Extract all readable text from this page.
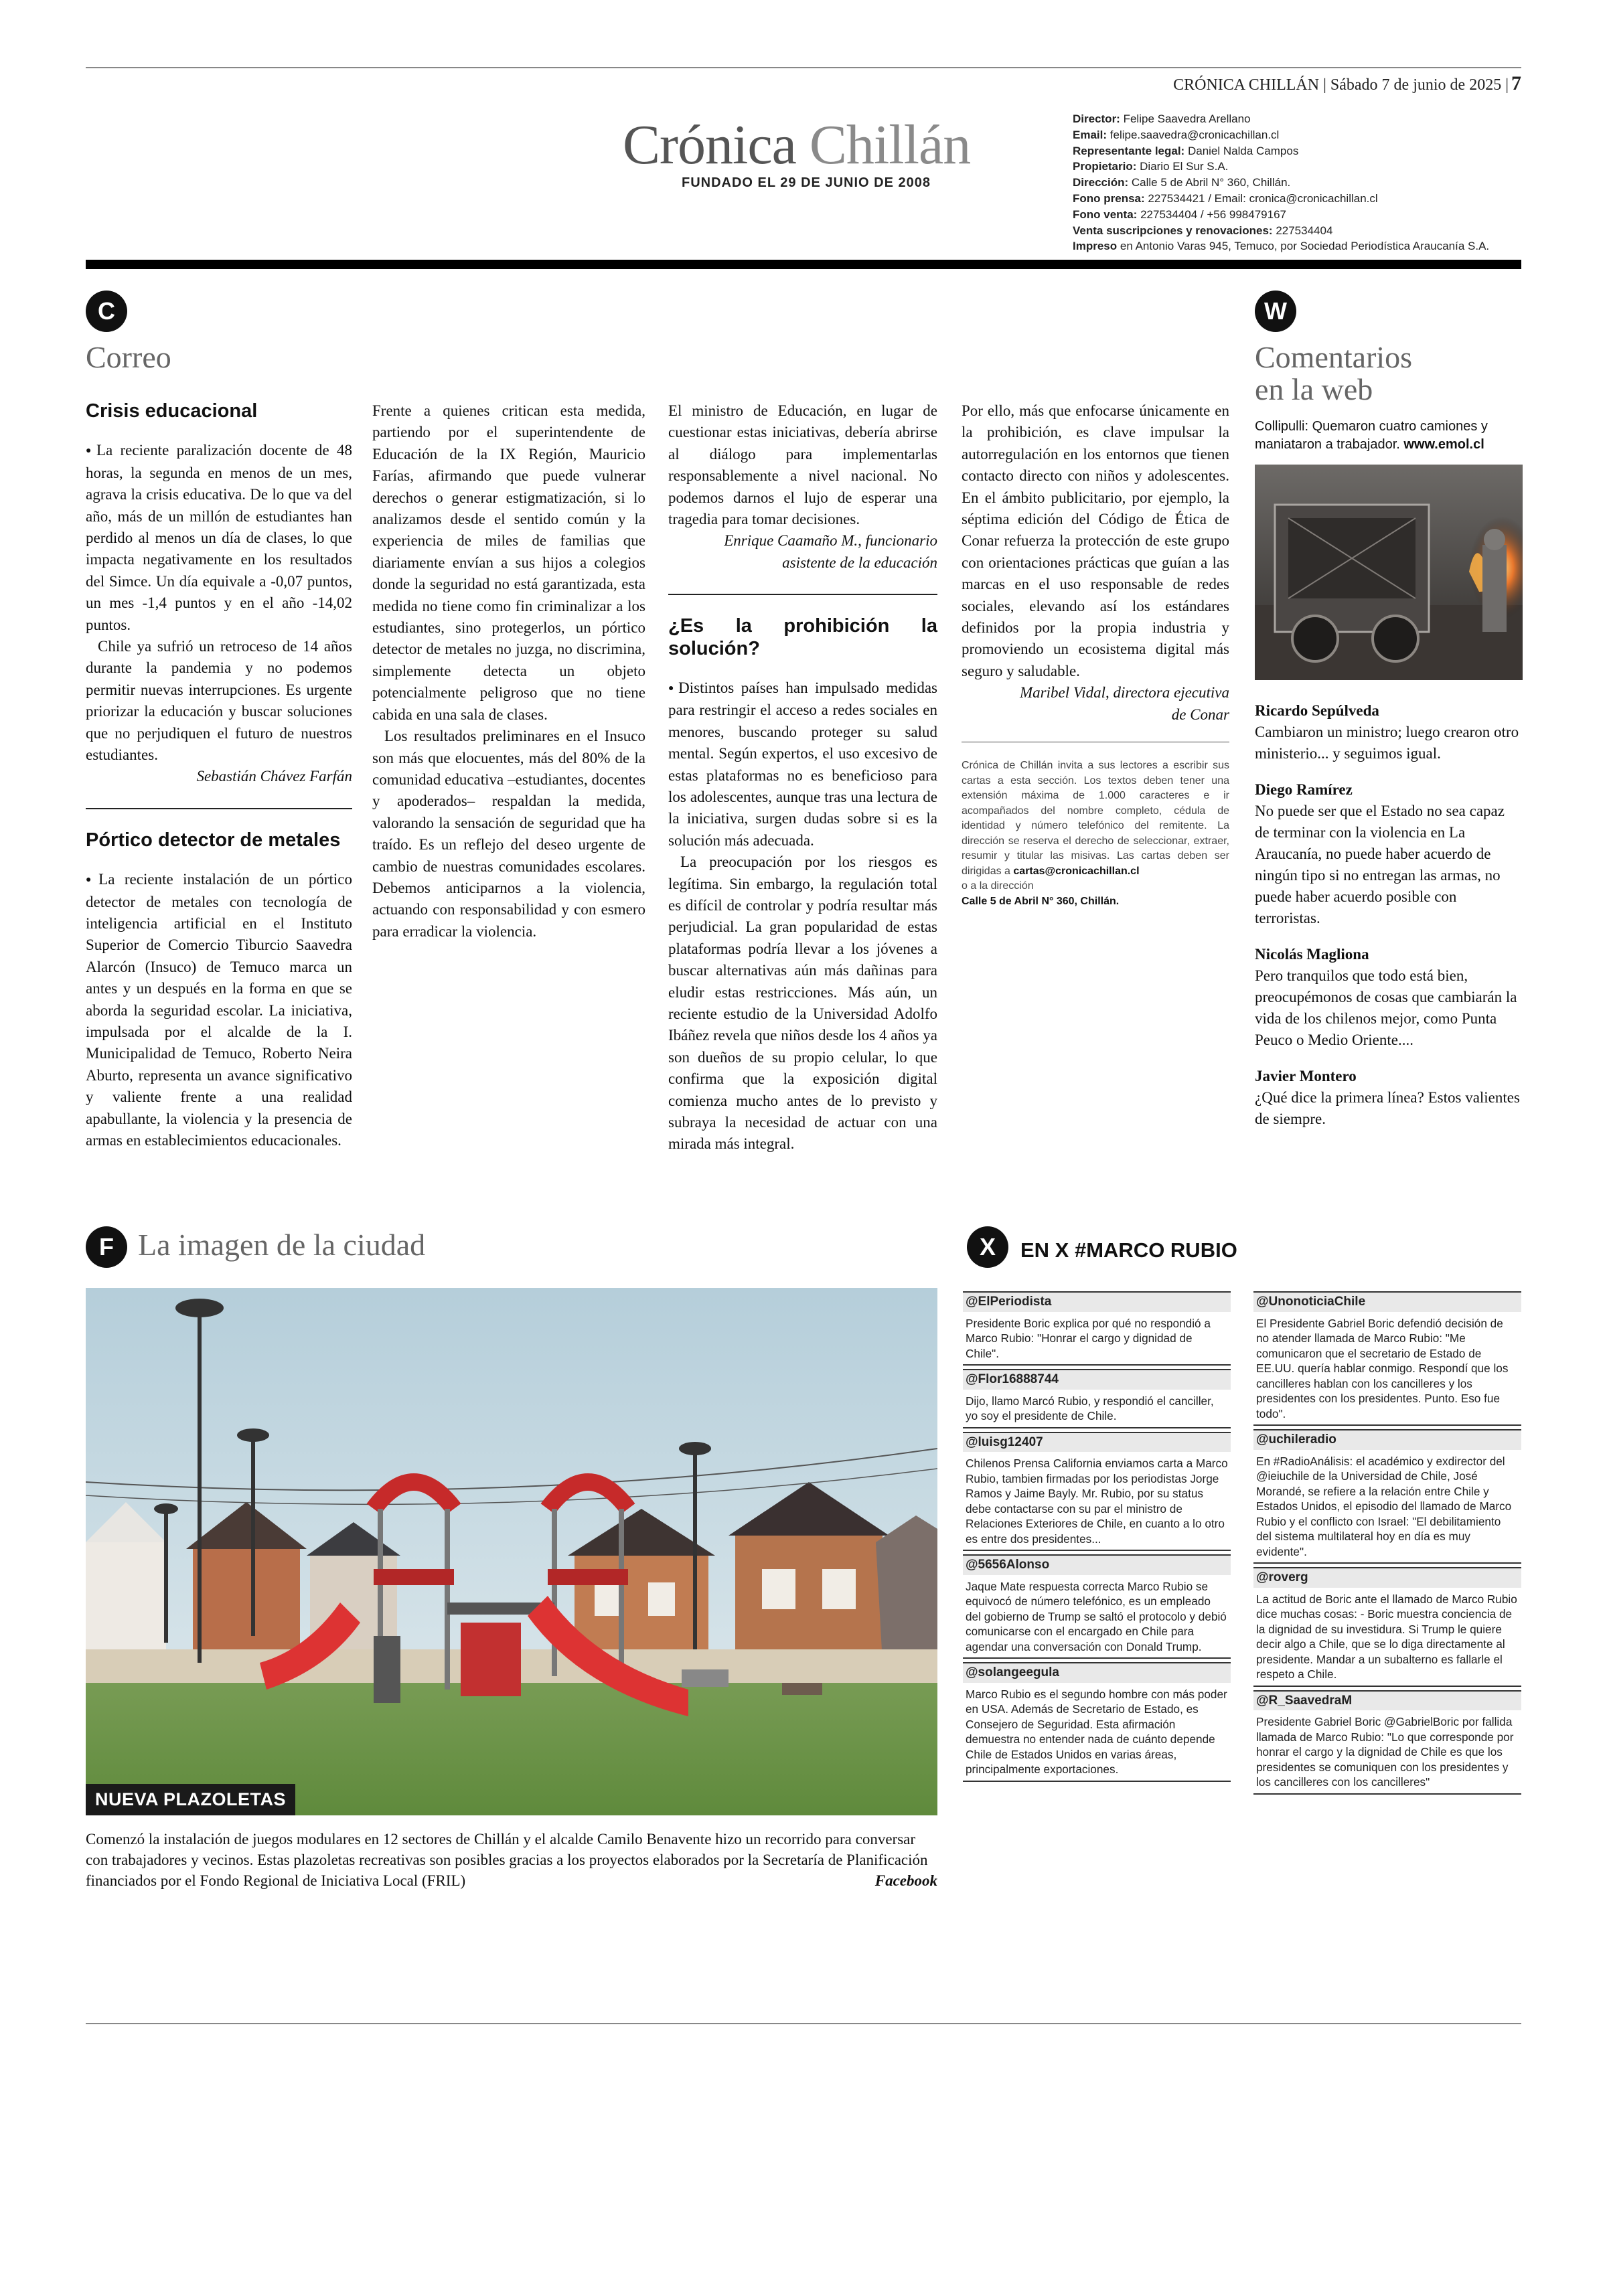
CRÓNICA CHILLÁN | Sábado 7 de junio de 2025 | 7
Crónica Chillán
FUNDADO EL 29 DE JUNIO DE 2008
Director: Felipe Saavedra Arellano
Email: felipe.saavedra@cronicachillan.cl
Representante legal: Daniel Nalda Campos
Propietario: Diario El Sur S.A.
Dirección: Calle 5 de Abril N° 360, Chillán.
Fono prensa: 227534421 / Email: cronica@cronicachillan.cl
Fono venta: 227534404 / +56 998479167
Venta suscripciones y renovaciones: 227534404
Impreso en Antonio Varas 945, Temuco, por Sociedad Periodística Araucanía S.A.
C
Correo
Crisis educacional

● La reciente paralización docente de 48 horas, la segunda en menos de un mes, agrava la crisis educativa. De lo que va del año, más de un millón de estudiantes han perdido al menos un día de clases, lo que impacta negativamente en los resultados del Simce. Un día equivale a -0,07 puntos, un mes -1,4 puntos y en el año -14,02 puntos.

Chile ya sufrió un retroceso de 14 años durante la pandemia y no podemos permitir nuevas interrupciones. Es urgente priorizar la educación y buscar soluciones que no perjudiquen el futuro de nuestros estudiantes.

Sebastián Chávez Farfán

Pórtico detector de metales

● La reciente instalación de un pórtico detector de metales con tecnología de inteligencia artificial en el Instituto Superior de Comercio Tiburcio Saavedra Alarcón (Insuco) de Temuco marca un antes y un después en la forma en que se aborda la seguridad escolar. La iniciativa, impulsada por el alcalde de la I. Municipalidad de Temuco, Roberto Neira Aburto, representa un avance significativo y valiente frente a una realidad apabullante, la violencia y la presencia de armas en establecimientos educacionales.

Frente a quienes critican esta medida, partiendo por el superintendente de Educación de la IX Región, Mauricio Farías, afirmando que puede vulnerar derechos o generar estigmatización, si lo analizamos desde el sentido común y la experiencia de miles de familias que diariamente envían a sus hijos a colegios donde la seguridad no está garantizada, esta medida no tiene como fin criminalizar a los estudiantes, sino protegerlos, un pórtico detector de metales no juzga, no discrimina, simplemente detecta un objeto potencialmente peligroso que no tiene cabida en una sala de clases.

Los resultados preliminares en el Insuco son más que elocuentes, más del 80% de la comunidad educativa –estudiantes, docentes y apoderados– respaldan la medida, valorando la sensación de seguridad que ha traído. Es un reflejo del deseo urgente de cambio de nuestras comunidades escolares. Debemos anticiparnos a la violencia, actuando con responsabilidad y con esmero para erradicar la violencia.

El ministro de Educación, en lugar de cuestionar estas iniciativas, debería abrirse al diálogo para implementarlas responsablemente a nivel nacional. No podemos darnos el lujo de esperar una tragedia para tomar decisiones.

Enrique Caamaño M., funcionario

asistente de la educación

¿Es la prohibición la solución?

● Distintos países han impulsado medidas para restringir el acceso a redes sociales en menores, buscando proteger su salud mental. Según expertos, el uso excesivo de estas plataformas no es beneficioso para los adolescentes, aunque tras una lectura de la iniciativa, surgen dudas sobre si es la solución más adecuada.

La preocupación por los riesgos es legítima. Sin embargo, la regulación total es difícil de controlar y podría resultar más perjudicial. La gran popularidad de estas plataformas podría llevar a los jóvenes a buscar alternativas aún más dañinas para eludir estas restricciones. Más aún, un reciente estudio de la Universidad Adolfo Ibáñez revela que niños desde los 4 años ya son dueños de su propio celular, lo que confirma que la exposición digital comienza mucho antes de lo previsto y subraya la necesidad de actuar con una mirada más integral.

Por ello, más que enfocarse únicamente en la prohibición, es clave impulsar la autorregulación en los entornos que tienen contacto directo con niños y adolescentes. En el ámbito publicitario, por ejemplo, la séptima edición del Código de Ética de Conar refuerza la protección de este grupo con orientaciones prácticas que guían a las marcas en el uso responsable de redes sociales, elevando así los estándares definidos por la propia industria y promoviendo un ecosistema digital más seguro y saludable.

Maribel Vidal, directora ejecutiva

de Conar

Crónica de Chillán invita a sus lectores a escribir sus cartas a esta sección. Los textos deben tener una extensión máxima de 1.000 caracteres e ir acompañados del nombre completo, cédula de identidad y número telefónico del remitente. La dirección se reserva el derecho de seleccionar, extraer, resumir y titular las misivas. Las cartas deben ser dirigidas a cartas@cronicachillan.cl
o a la dirección
Calle 5 de Abril N° 360, Chillán.
W
Comentarios
en la web
Collipulli: Quemaron cuatro camiones y maniataron a trabajador. www.emol.cl
Ricardo Sepúlveda
Cambiaron un ministro; luego crearon otro ministerio... y seguimos igual.
Diego Ramírez
No puede ser que el Estado no sea capaz de terminar con la violencia en La Araucanía, no puede haber acuerdo de ningún tipo si no entregan las armas, no puede haber acuerdo posible con terroristas.
Nicolás Magliona
Pero tranquilos que todo está bien, preocupémonos de cosas que cambiarán la vida de los chilenos mejor, como Punta Peuco o Medio Oriente....
Javier Montero
¿Qué dice la primera línea? Estos valientes de siempre.
F La imagen de la ciudad
NUEVA PLAZOLETAS
Comenzó la instalación de juegos modulares en 12 sectores de Chillán y el alcalde Camilo Benavente hizo un recorrido para conversar con trabajadores y vecinos. Estas plazoletas recreativas son posibles gracias a los proyectos elaborados por la Secretaría de Planificación financiados por el Fondo Regional de Iniciativa Local (FRIL)	Facebook
X	EN X #MARCO RUBIO
@ElPeriodista
Presidente Boric explica por qué no respondió a Marco Rubio: "Honrar el cargo y dignidad de Chile".
@Flor16888744
Dijo, llamo Marcó Rubio, y respondió el canciller, yo soy el presidente de Chile.
@luisg12407
Chilenos Prensa California enviamos carta a Marco Rubio, tambien firmadas por los periodistas Jorge Ramos y Jaime Bayly. Mr. Rubio, por su status debe contactarse con su par el ministro de Relaciones Exteriores de Chile, en cuanto a lo otro es entre dos presidentes...
@5656Alonso
Jaque Mate respuesta correcta Marco Rubio se equivocó de número telefónico, es un empleado del gobierno de Trump se saltó el protocolo y debió comunicarse con el encargado en Chile para agendar una conversación con Donald Trump.
@solangeegula
Marco Rubio es el segundo hombre con más poder en USA. Además de Secretario de Estado, es Consejero de Seguridad. Esta afirmación demuestra no entender nada de cuánto depende Chile de Estados Unidos en varias áreas, principalmente exportaciones.
@UnonoticiaChile
El Presidente Gabriel Boric defendió decisión de no atender llamada de Marco Rubio: "Me comunicaron que el secretario de Estado de EE.UU. quería hablar conmigo. Respondí que los cancilleres hablan con los cancilleres y los presidentes con los presidentes. Punto. Eso fue todo".
@uchileradio
En #RadioAnálisis: el académico y exdirector del @ieiuchile de la Universidad de Chile, José Morandé, se refiere a la relación entre Chile y Estados Unidos, el episodio del llamado de Marco Rubio y el conflicto con Israel: "El debilitamiento del sistema multilateral hoy en día es muy evidente".
@roverg
La actitud de Boric ante el llamado de Marco Rubio dice muchas cosas: - Boric muestra conciencia de la dignidad de su investidura. Si Trump le quiere decir algo a Chile, que se lo diga directamente al presidente. Mandar a un subalterno es fallarle el respeto a Chile.
@R_SaavedraM
Presidente Gabriel Boric @GabrielBoric por fallida llamada de Marco Rubio: "Lo que corresponde por honrar el cargo y la dignidad de Chile es que los presidentes se comuniquen con los presidentes y los cancilleres con los cancilleres"
